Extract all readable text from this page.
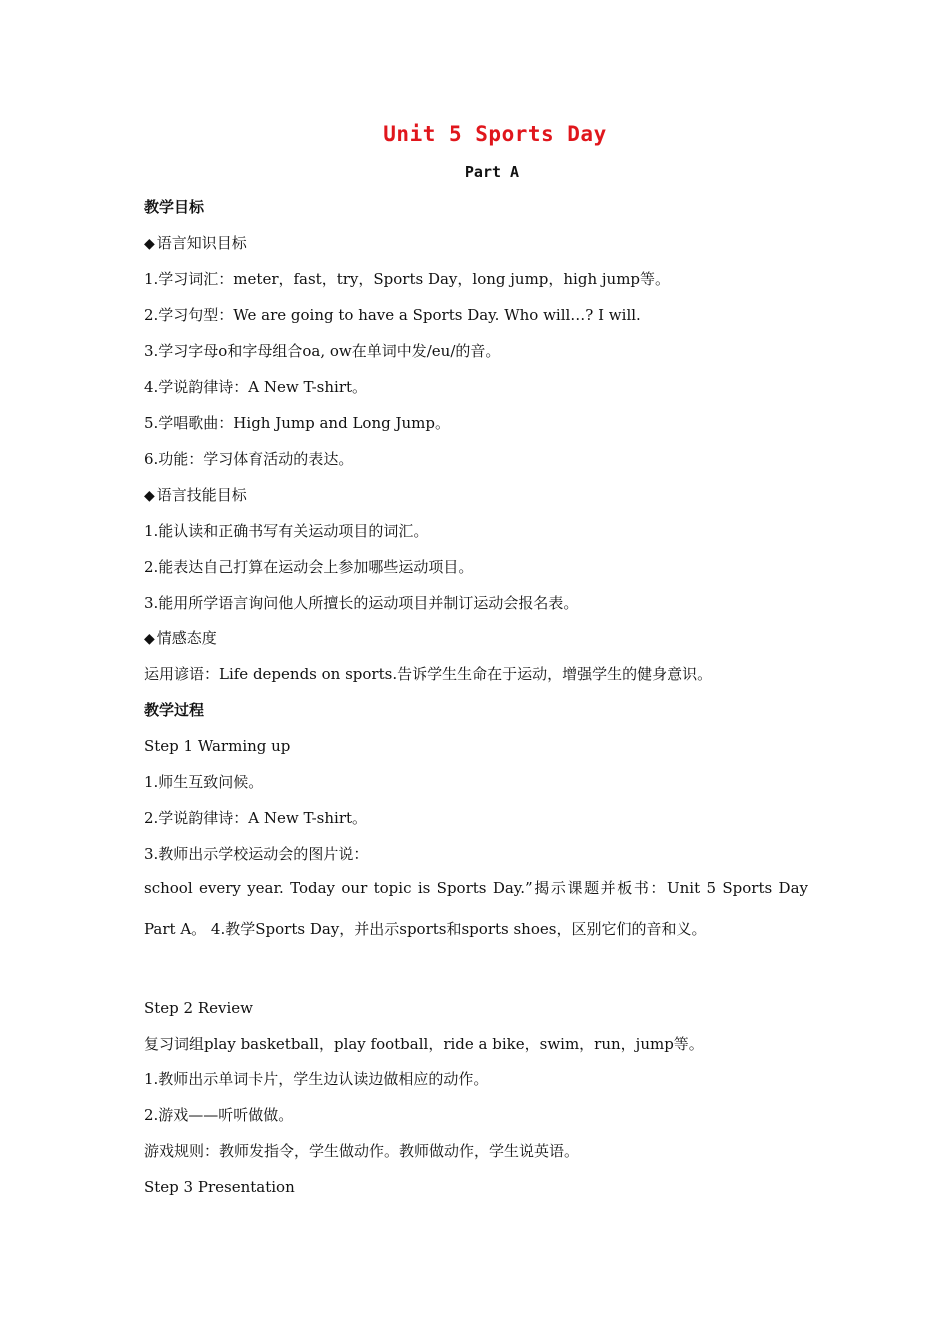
Unit 5 Sports Day
Part A
教学目标
◆ 语言知识目标
1.学习词汇：meter，fast，try，Sports Day，long jump，high jump等。
2.学习句型：We are going to have a Sports Day. Who will…? I will.
3.学习字母o和字母组合oa, ow在单词中发/eu/的音。
4.学说韵律诗：A New T-shirt。
5.学唱歌曲：High Jump and Long Jump。
6.功能：学习体育活动的表达。
◆ 语言技能目标
1.能认读和正确书写有关运动项目的词汇。
2.能表达自己打算在运动会上参加哪些运动项目。
3.能用所学语言询问他人所擅长的运动项目并制订运动会报名表。
◆ 情感态度
运用谚语：Life depends on sports.告诉学生生命在于运动，增强学生的健身意识。
教学过程
Step 1 Warming up
1.师生互致问候。
2.学说韵律诗：A New T-shirt。
3.教师出示学校运动会的图片说：
school every year. Today our topic is Sports Day.”揭示课题并板书：Unit 5 Sports Day Part A。 4.教学Sports Day，并出示sports和sports shoes，区别它们的音和义。
Step 2 Review
复习词组play basketball，play football，ride a bike，swim，run，jump等。
1.教师出示单词卡片，学生边认读边做相应的动作。
2.游戏——听听做做。
游戏规则：教师发指令，学生做动作。教师做动作，学生说英语。
Step 3 Presentation
